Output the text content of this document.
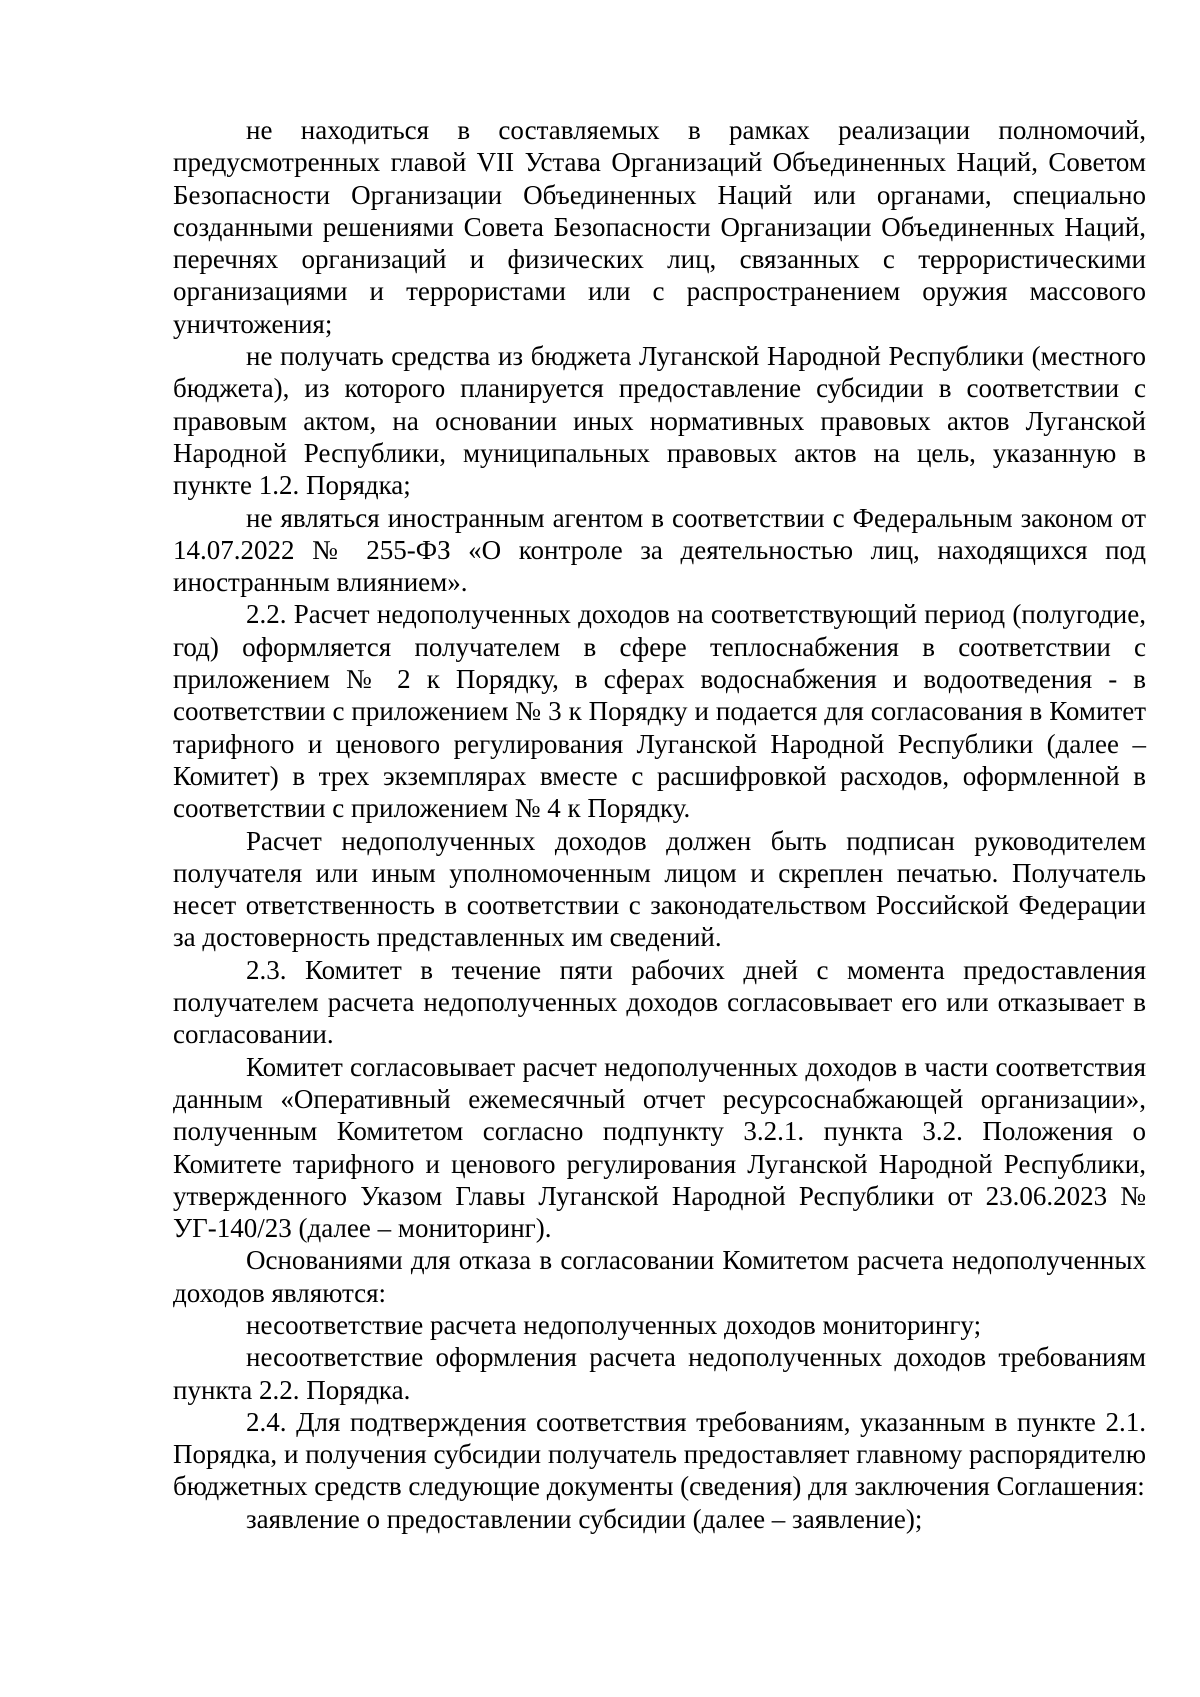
не находиться в составляемых в рамках реализации полномочий, предусмотренных главой VII Устава Организаций Объединенных Наций, Советом Безопасности Организации Объединенных Наций или органами, специально созданными решениями Совета Безопасности Организации Объединенных Наций, перечнях организаций и физических лиц, связанных с террористическими организациями и террористами или с распространением оружия массового уничтожения;

не получать средства из бюджета Луганской Народной Республики (местного бюджета), из которого планируется предоставление субсидии в соответствии с правовым актом, на основании иных нормативных правовых актов Луганской Народной Республики, муниципальных правовых актов на цель, указанную в пункте 1.2. Порядка;

не являться иностранным агентом в соответствии с Федеральным законом от 14.07.2022 № 255-ФЗ «О контроле за деятельностью лиц, находящихся под иностранным влиянием».

2.2. Расчет недополученных доходов на соответствующий период (полугодие, год) оформляется получателем в сфере теплоснабжения в соответствии с приложением № 2 к Порядку, в сферах водоснабжения и водоотведения - в соответствии с приложением № 3 к Порядку и подается для согласования в Комитет тарифного и ценового регулирования Луганской Народной Республики (далее – Комитет) в трех экземплярах вместе с расшифровкой расходов, оформленной в соответствии с приложением № 4 к Порядку.

Расчет недополученных доходов должен быть подписан руководителем получателя или иным уполномоченным лицом и скреплен печатью. Получатель несет ответственность в соответствии с законодательством Российской Федерации за достоверность представленных им сведений.

2.3. Комитет в течение пяти рабочих дней с момента предоставления получателем расчета недополученных доходов согласовывает его или отказывает в согласовании.

Комитет согласовывает расчет недополученных доходов в части соответствия данным «Оперативный ежемесячный отчет ресурсоснабжающей организации», полученным Комитетом согласно подпункту 3.2.1. пункта 3.2. Положения о Комитете тарифного и ценового регулирования Луганской Народной Республики, утвержденного Указом Главы Луганской Народной Республики от 23.06.2023 № УГ-140/23 (далее – мониторинг).

Основаниями для отказа в согласовании Комитетом расчета недополученных доходов являются:

несоответствие расчета недополученных доходов мониторингу;

несоответствие оформления расчета недополученных доходов требованиям пункта 2.2. Порядка.

2.4. Для подтверждения соответствия требованиям, указанным в пункте 2.1. Порядка, и получения субсидии получатель предоставляет главному распорядителю бюджетных средств следующие документы (сведения) для заключения Соглашения:

заявление о предоставлении субсидии (далее – заявление);
